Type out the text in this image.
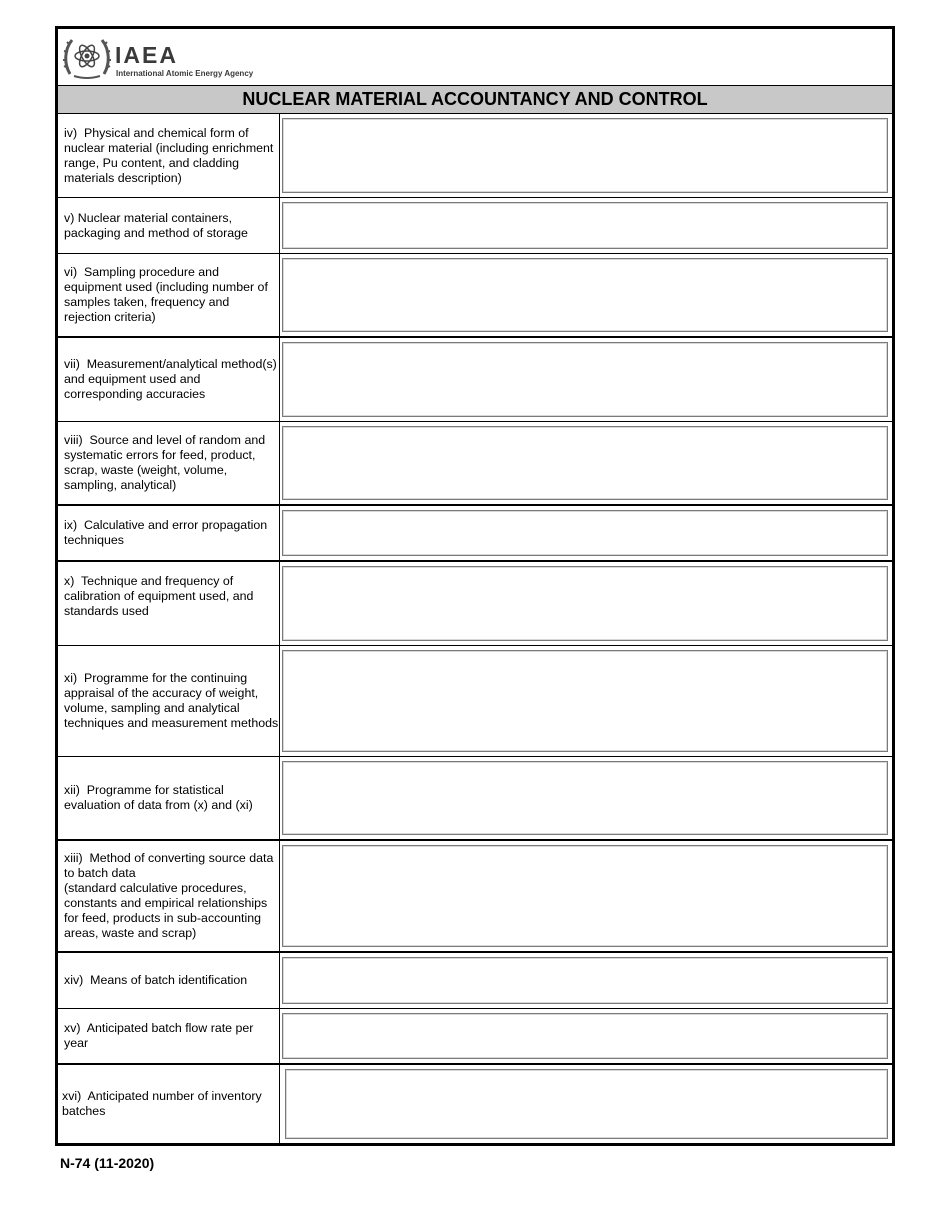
IAEA
International Atomic Energy Agency
NUCLEAR MATERIAL ACCOUNTANCY AND CONTROL
iv)  Physical and chemical form of
nuclear material (including enrichment
range, Pu content, and cladding
materials description)
v) Nuclear material containers,
packaging and method of storage
vi)  Sampling procedure and
equipment used (including number of
samples taken, frequency and
rejection criteria)
vii)  Measurement/analytical method(s)
and equipment used and
corresponding accuracies
viii)  Source and level of random and
systematic errors for feed, product,
scrap, waste (weight, volume,
sampling, analytical)
ix)  Calculative and error propagation
techniques
x)  Technique and frequency of
calibration of equipment used, and
standards used
xi)  Programme for the continuing
appraisal of the accuracy of weight,
volume, sampling and analytical
techniques and measurement methods
xii)  Programme for statistical
evaluation of data from (x) and (xi)
xiii)  Method of converting source data
to batch data
(standard calculative procedures,
constants and empirical relationships
for feed, products in sub-accounting
areas, waste and scrap)
xiv)  Means of batch identification
xv)  Anticipated batch flow rate per
year
xvi)  Anticipated number of inventory
batches
N-74 (11-2020)
